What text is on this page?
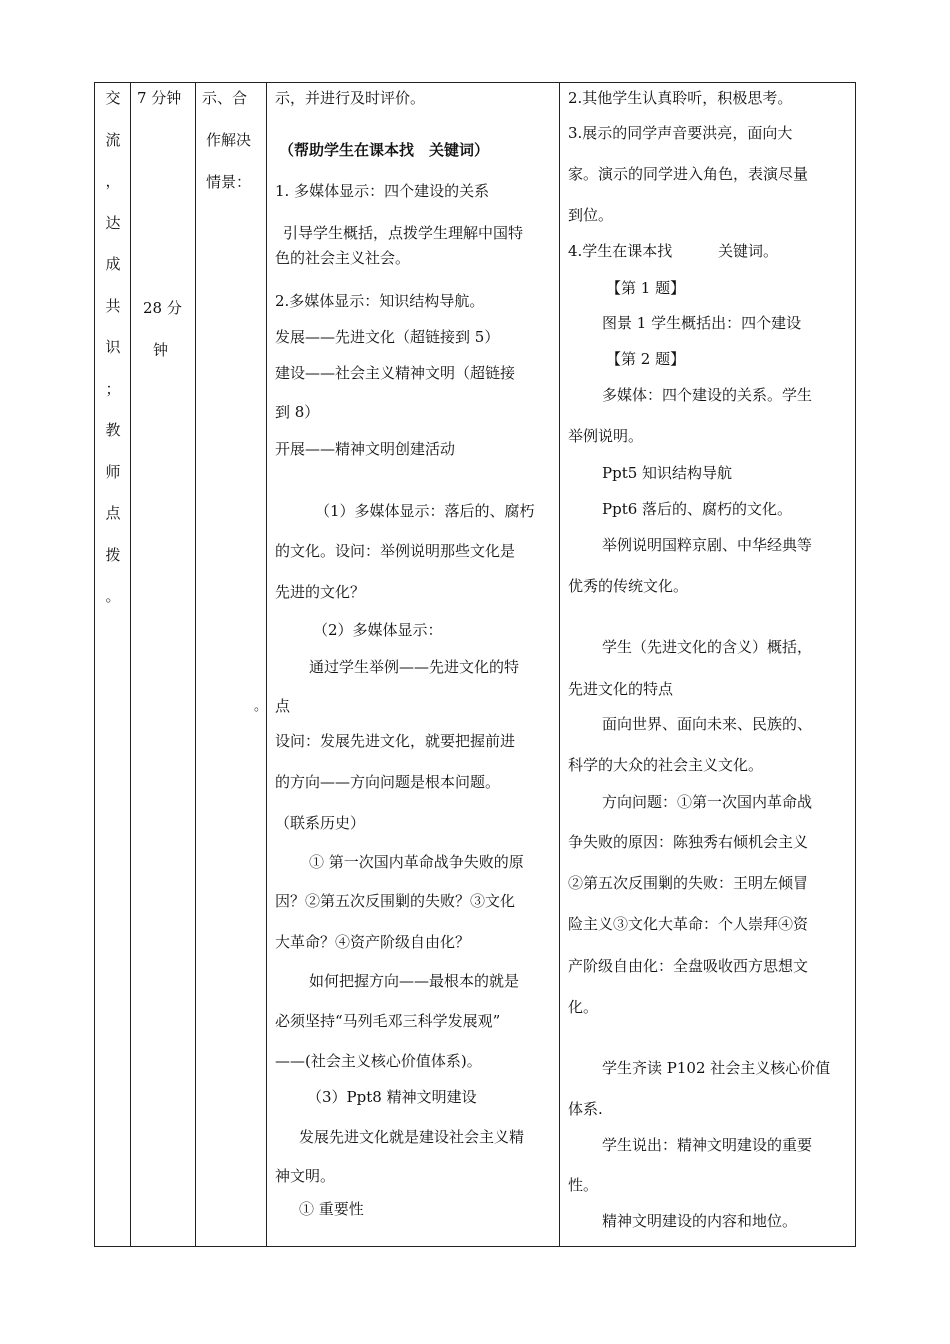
交
流
，
达
成
共
识
；
教
师
点
拨
。
7 分钟
28 分
钟
示、合
作解决
情景：
示，并进行及时评价。
（帮助学生在课本找 关键词）
1. 多媒体显示：四个建设的关系
引导学生概括，点拨学生理解中国特
色的社会主义社会。
2.多媒体显示：知识结构导航。
发展——先进文化（超链接到 5）
建设——社会主义精神文明（超链接
到 8）
开展——精神文明创建活动
（1）多媒体显示：落后的、腐朽
的文化。设问：举例说明那些文化是
先进的文化？
（2）多媒体显示：
通过学生举例——先进文化的特
点
设问：发展先进文化，就要把握前进
的方向——方向问题是根本问题。
（联系历史）
① 第一次国内革命战争失败的原
因？②第五次反围剿的失败？③文化
大革命？④资产阶级自由化？
如何把握方向——最根本的就是
必须坚持“马列毛邓三科学发展观”
——(社会主义核心价值体系)。
（3）Ppt8 精神文明建设
发展先进文化就是建设社会主义精
神文明。
① 重要性
。
2.其他学生认真聆听，积极思考。
3.展示的同学声音要洪亮，面向大
家。演示的同学进入角色，表演尽量
到位。
4.学生在课本找	关键词。
【第 1 题】
图景 1 学生概括出：四个建设
【第 2 题】
多媒体：四个建设的关系。学生
举例说明。
Ppt5 知识结构导航
Ppt6 落后的、腐朽的文化。
举例说明国粹京剧、中华经典等
优秀的传统文化。
学生（先进文化的含义）概括，
先进文化的特点
面向世界、面向未来、民族的、
科学的大众的社会主义文化。
方向问题：①第一次国内革命战
争失败的原因：陈独秀右倾机会主义
②第五次反围剿的失败：王明左倾冒
险主义③文化大革命：个人崇拜④资
产阶级自由化：全盘吸收西方思想文
化。
学生齐读 P102 社会主义核心价值
体系.
学生说出：精神文明建设的重要
性。
精神文明建设的内容和地位。
